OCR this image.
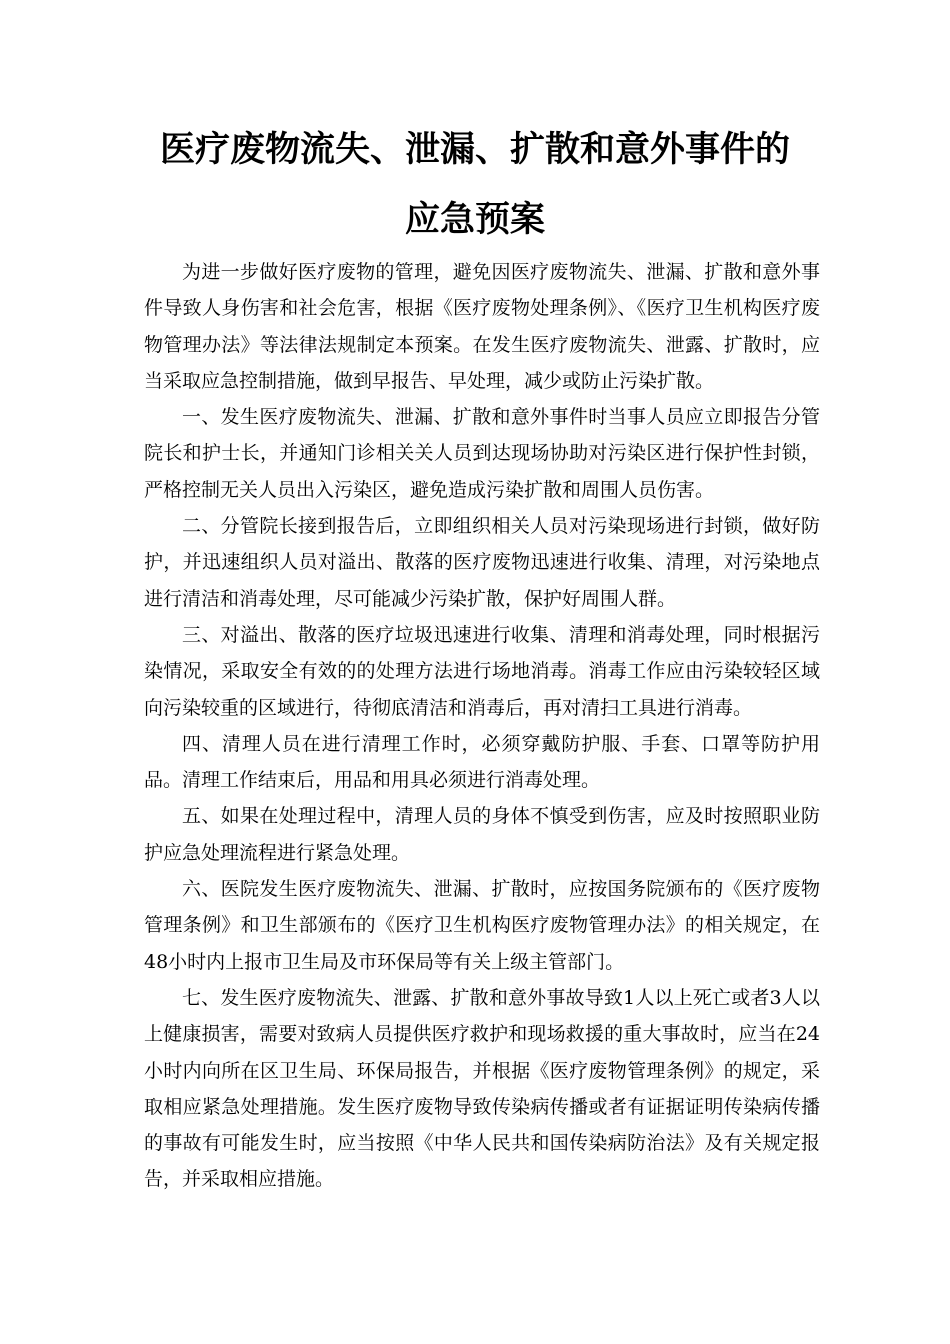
医疗废物流失、泄漏、扩散和意外事件的
应急预案

为进一步做好医疗废物的管理，避免因医疗废物流失、泄漏、扩散和意外事件导致人身伤害和社会危害，根据《医疗废物处理条例》、《医疗卫生机构医疗废物管理办法》等法律法规制定本预案。在发生医疗废物流失、泄露、扩散时，应当采取应急控制措施，做到早报告、早处理，减少或防止污染扩散。

一、发生医疗废物流失、泄漏、扩散和意外事件时当事人员应立即报告分管院长和护士长，并通知门诊相关关人员到达现场协助对污染区进行保护性封锁，严格控制无关人员出入污染区，避免造成污染扩散和周围人员伤害。

二、分管院长接到报告后，立即组织相关人员对污染现场进行封锁，做好防护，并迅速组织人员对溢出、散落的医疗废物迅速进行收集、清理，对污染地点进行清洁和消毒处理，尽可能减少污染扩散，保护好周围人群。

三、对溢出、散落的医疗垃圾迅速进行收集、清理和消毒处理，同时根据污染情况，采取安全有效的的处理方法进行场地消毒。消毒工作应由污染较轻区域向污染较重的区域进行，待彻底清洁和消毒后，再对清扫工具进行消毒。

四、清理人员在进行清理工作时，必须穿戴防护服、手套、口罩等防护用品。清理工作结束后，用品和用具必须进行消毒处理。

五、如果在处理过程中，清理人员的身体不慎受到伤害，应及时按照职业防护应急处理流程进行紧急处理。

六、医院发生医疗废物流失、泄漏、扩散时，应按国务院颁布的《医疗废物管理条例》和卫生部颁布的《医疗卫生机构医疗废物管理办法》的相关规定，在48小时内上报市卫生局及市环保局等有关上级主管部门。

七、发生医疗废物流失、泄露、扩散和意外事故导致1人以上死亡或者3人以上健康损害，需要对致病人员提供医疗救护和现场救援的重大事故时，应当在24小时内向所在区卫生局、环保局报告，并根据《医疗废物管理条例》的规定，采取相应紧急处理措施。发生医疗废物导致传染病传播或者有证据证明传染病传播的事故有可能发生时，应当按照《中华人民共和国传染病防治法》及有关规定报告，并采取相应措施。
